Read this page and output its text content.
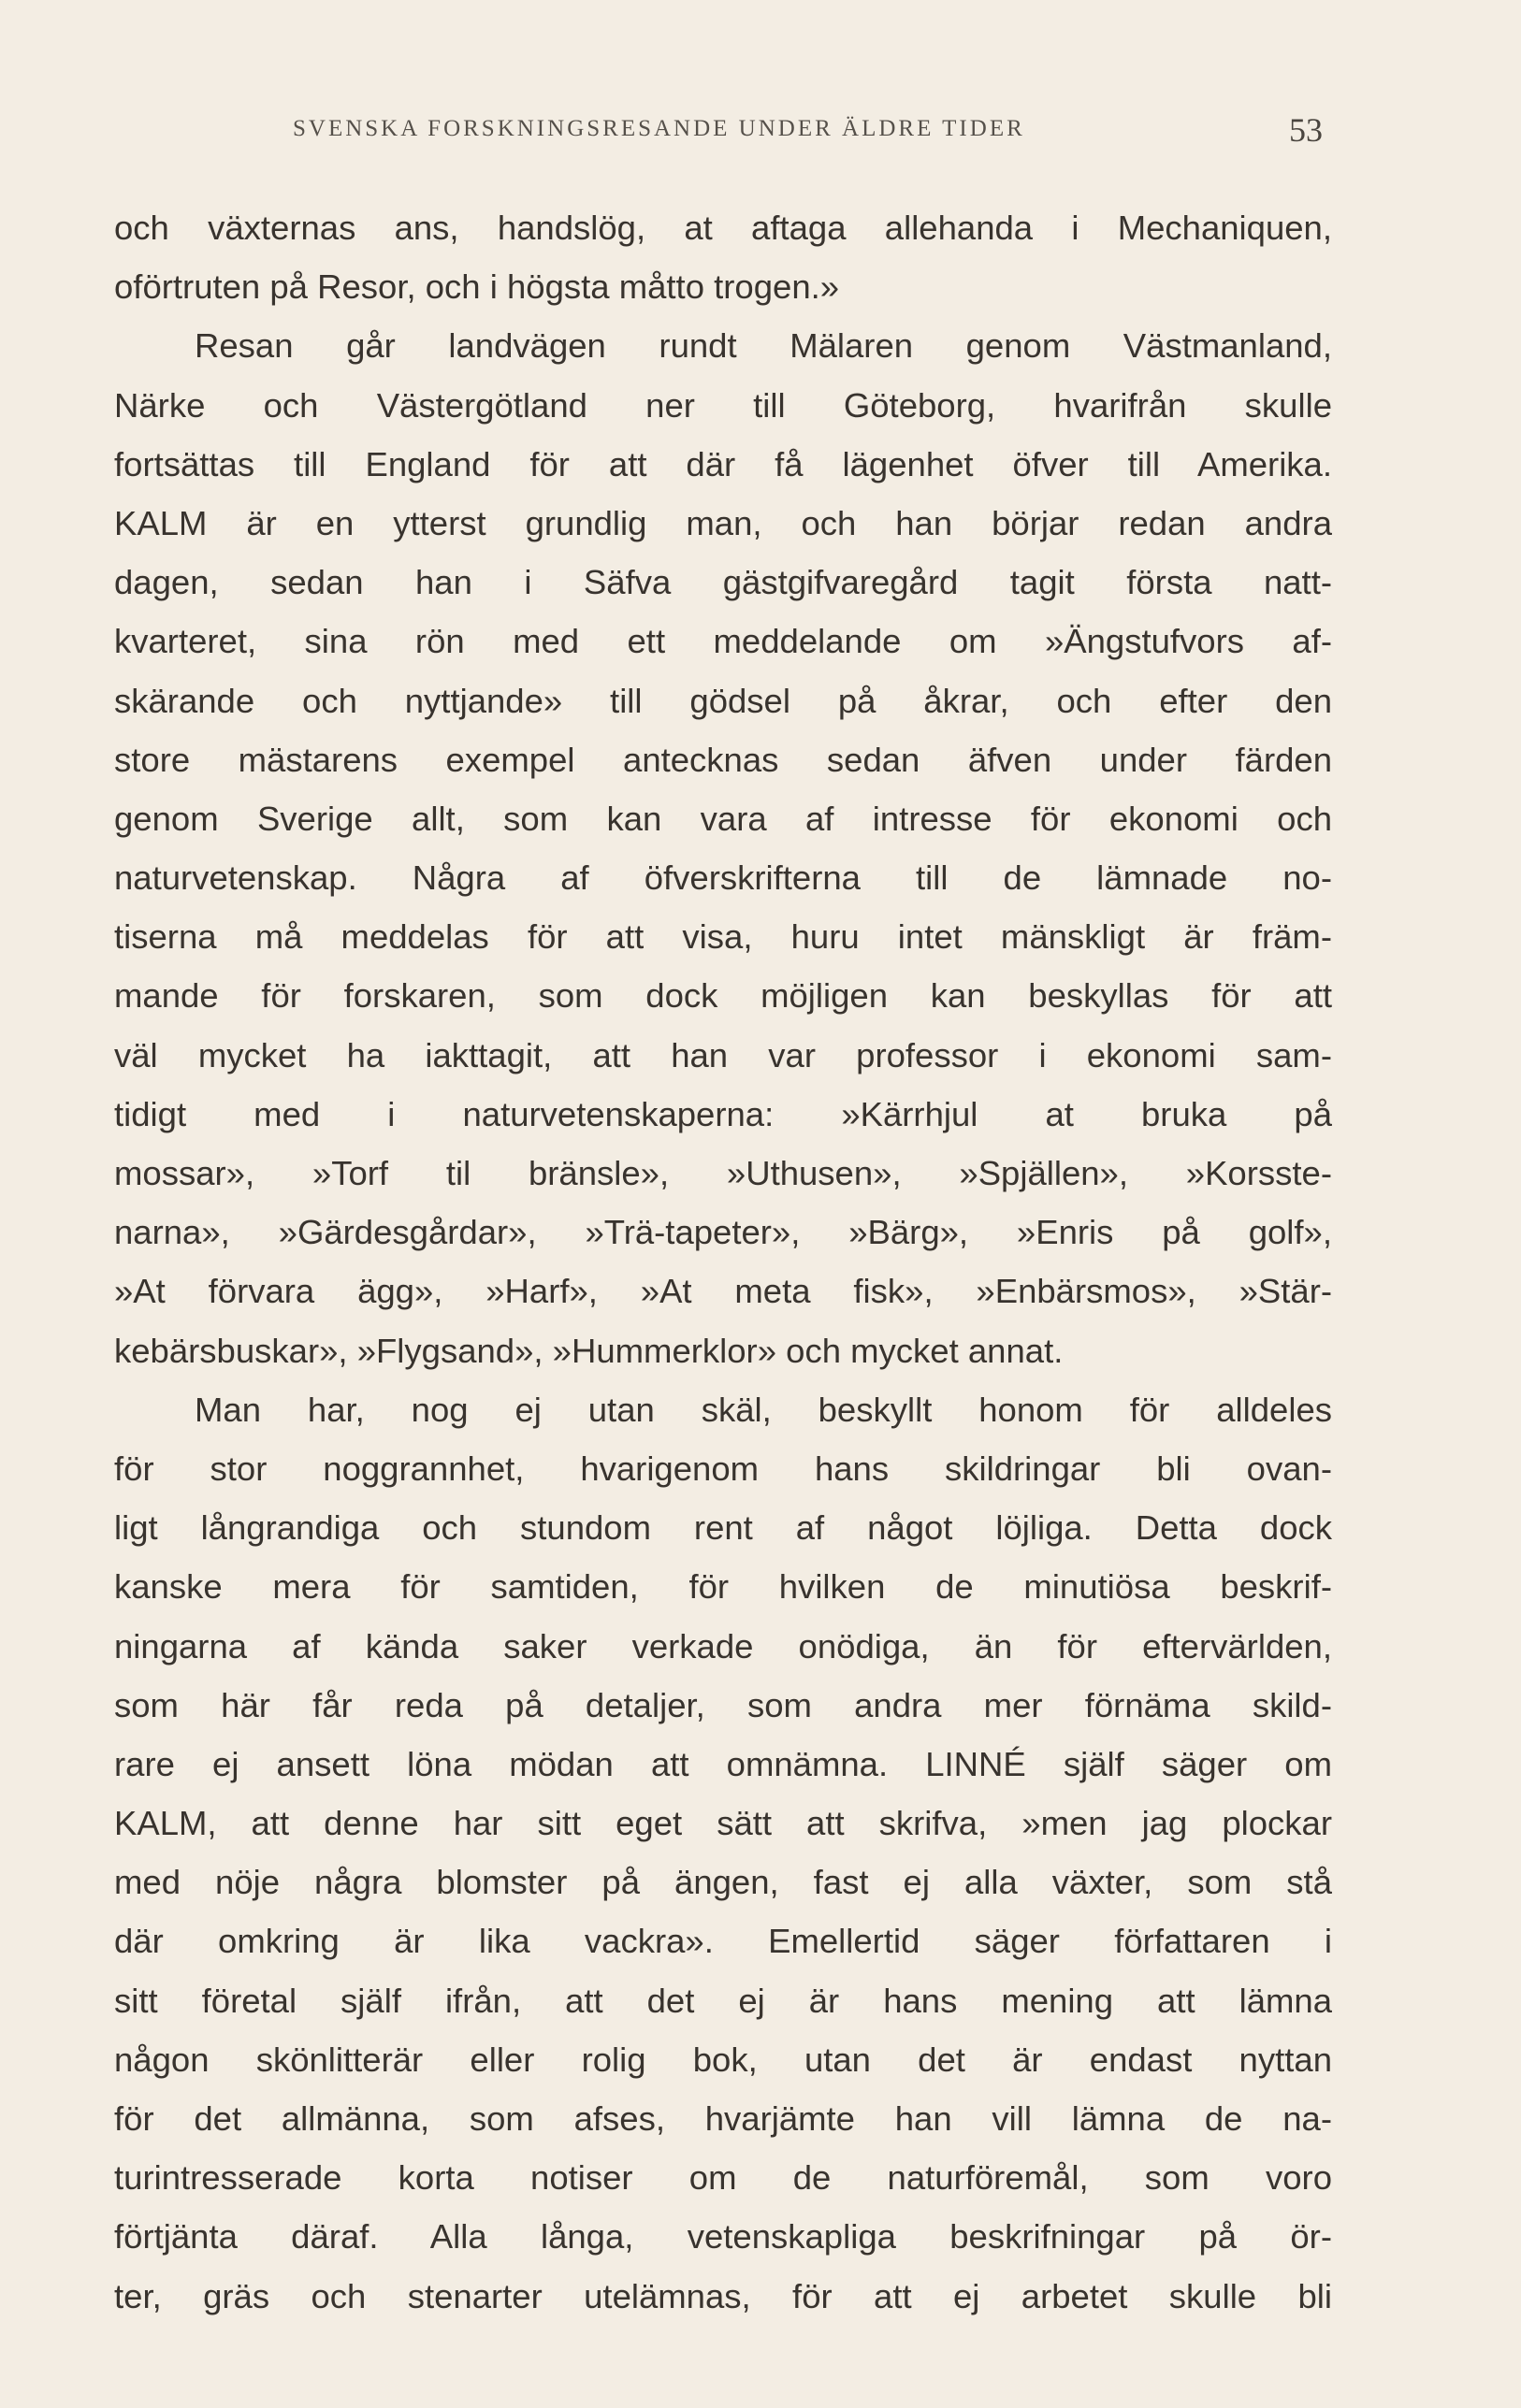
SVENSKA FORSKNINGSRESANDE UNDER ÄLDRE TIDER	53
och växternas ans, handslög, at aftaga allehanda i Mechaniquen,
oförtruten på Resor, och i högsta måtto trogen.»
Resan går landvägen rundt Mälaren genom Västmanland,
Närke och Västergötland ner till Göteborg, hvarifrån skulle
fortsättas till England för att där få lägenhet öfver till Amerika.
KALM är en ytterst grundlig man, och han börjar redan andra
dagen, sedan han i Säfva gästgifvaregård tagit första natt-
kvarteret, sina rön med ett meddelande om »Ängstufvors af-
skärande och nyttjande» till gödsel på åkrar, och efter den
store mästarens exempel antecknas sedan äfven under färden
genom Sverige allt, som kan vara af intresse för ekonomi och
naturvetenskap. Några af öfverskrifterna till de lämnade no-
tiserna må meddelas för att visa, huru intet mänskligt är främ-
mande för forskaren, som dock möjligen kan beskyllas för att
väl mycket ha iakttagit, att han var professor i ekonomi sam-
tidigt med i naturvetenskaperna: »Kärrhjul at bruka på
mossar», »Torf til bränsle», »Uthusen», »Spjällen», »Korsste-
narna», »Gärdesgårdar», »Trä-tapeter», »Bärg», »Enris på golf»,
»At förvara ägg», »Harf», »At meta fisk», »Enbärsmos», »Stär-
kebärsbuskar», »Flygsand», »Hummerklor» och mycket annat.
Man har, nog ej utan skäl, beskyllt honom för alldeles
för stor noggrannhet, hvarigenom hans skildringar bli ovan-
ligt långrandiga och stundom rent af något löjliga. Detta dock
kanske mera för samtiden, för hvilken de minutiösa beskrif-
ningarna af kända saker verkade onödiga, än för eftervärlden,
som här får reda på detaljer, som andra mer förnäma skild-
rare ej ansett löna mödan att omnämna. LINNÉ själf säger om
KALM, att denne har sitt eget sätt att skrifva, »men jag plockar
med nöje några blomster på ängen, fast ej alla växter, som stå
där omkring är lika vackra». Emellertid säger författaren i
sitt företal själf ifrån, att det ej är hans mening att lämna
någon skönlitterär eller rolig bok, utan det är endast nyttan
för det allmänna, som afses, hvarjämte han vill lämna de na-
turintresserade korta notiser om de naturföremål, som voro
förtjänta däraf. Alla långa, vetenskapliga beskrifningar på ör-
ter, gräs och stenarter utelämnas, för att ej arbetet skulle bli
